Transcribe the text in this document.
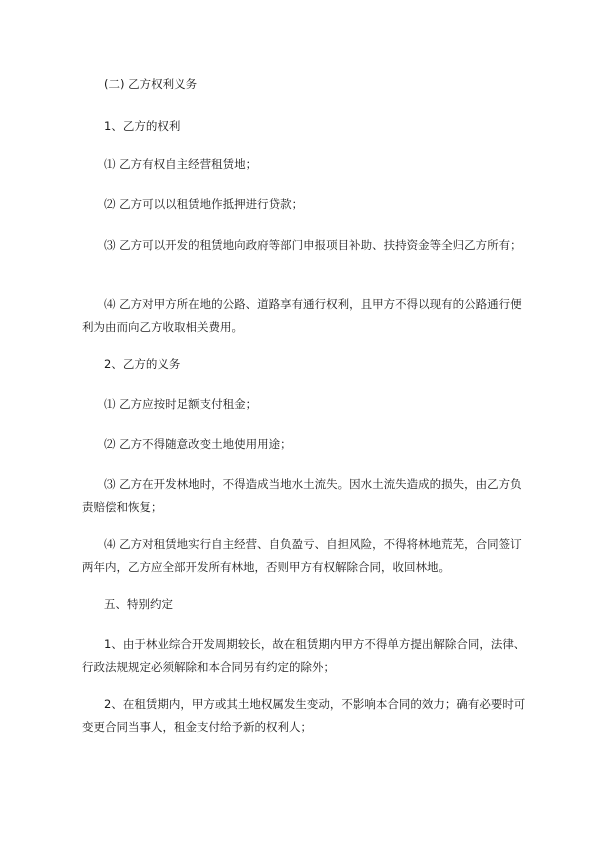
(二) 乙方权利义务

1、乙方的权利

⑴ 乙方有权自主经营租赁地；

⑵ 乙方可以以租赁地作抵押进行贷款；

⑶ 乙方可以开发的租赁地向政府等部门申报项目补助、扶持资金等全归乙方所有；

⑷ 乙方对甲方所在地的公路、道路享有通行权利，且甲方不得以现有的公路通行便利为由而向乙方收取相关费用。

2、乙方的义务

⑴ 乙方应按时足额支付租金；

⑵ 乙方不得随意改变土地使用用途；

⑶ 乙方在开发林地时，不得造成当地水土流失。因水土流失造成的损失，由乙方负责赔偿和恢复；

⑷ 乙方对租赁地实行自主经营、自负盈亏、自担风险，不得将林地荒芜，合同签订两年内，乙方应全部开发所有林地，否则甲方有权解除合同，收回林地。

五、特别约定

1、由于林业综合开发周期较长，故在租赁期内甲方不得单方提出解除合同，法律、行政法规规定必须解除和本合同另有约定的除外；

2、在租赁期内，甲方或其土地权属发生变动，不影响本合同的效力；确有必要时可变更合同当事人，租金支付给予新的权利人；
